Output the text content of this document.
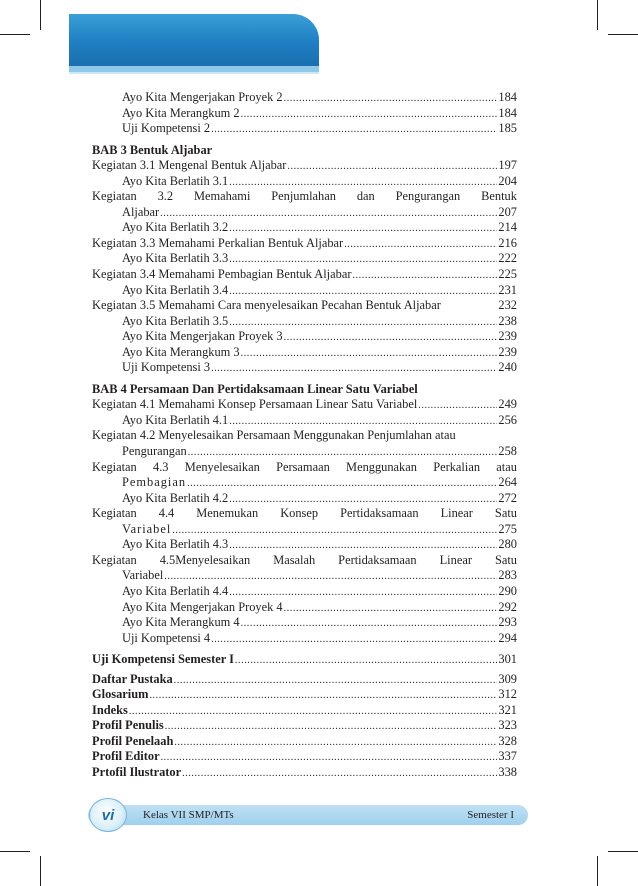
Ayo Kita Mengerjakan Proyek 2 .....	184
Ayo Kita Merangkum 2 .....	184
Uji Kompetensi 2 .....	185
BAB 3 Bentuk Aljabar
Kegiatan 3.1 Mengenal Bentuk Aljabar .....	197
Ayo Kita Berlatih 3.1 .....	204
Kegiatan 3.2 Memahami Penjumlahan dan Pengurangan Bentuk
Aljabar .....	207
Ayo Kita Berlatih 3.2 .....	214
Kegiatan 3.3 Memahami Perkalian Bentuk Aljabar .....	216
Ayo Kita Berlatih 3.3 .....	222
Kegiatan 3.4 Memahami Pembagian Bentuk Aljabar .....	225
Ayo Kita Berlatih 3.4 .....	231
Kegiatan 3.5 Memahami Cara menyelesaikan Pecahan Bentuk Aljabar	232
Ayo Kita Berlatih 3.5 .....	238
Ayo Kita Mengerjakan Proyek 3 .....	239
Ayo Kita Merangkum 3 .....	239
Uji Kompetensi 3 .....	240
BAB 4 Persamaan Dan Pertidaksamaan Linear Satu Variabel
Kegiatan 4.1 Memahami Konsep Persamaan Linear Satu Variabel .....	249
Ayo Kita Berlatih 4.1 .....	256
Kegiatan 4.2 Menyelesaikan Persamaan Menggunakan Penjumlahan atau
Pengurangan .....	258
Kegiatan 4.3 Menyelesaikan Persamaan Menggunakan Perkalian atau
Pembagian .....	264
Ayo Kita Berlatih 4.2 .....	272
Kegiatan 4.4 Menemukan Konsep Pertidaksamaan Linear Satu
Variabel .....	275
Ayo Kita Berlatih 4.3 .....	280
Kegiatan 4.5Menyelesaikan Masalah Pertidaksamaan Linear Satu
Variabel .....	283
Ayo Kita Berlatih 4.4 .....	290
Ayo Kita Mengerjakan Proyek 4 .....	292
Ayo Kita Merangkum 4 .....	293
Uji Kompetensi 4 .....	294
Uji Kompetensi Semester I .....	301
Daftar Pustaka .....	309
Glosarium .....	312
Indeks .....	321
Profil Penulis .....	323
Profil Penelaah .....	328
Profil Editor .....	337
Prtofil Ilustrator .....	338
vi	Kelas VII SMP/MTs	Semester I
